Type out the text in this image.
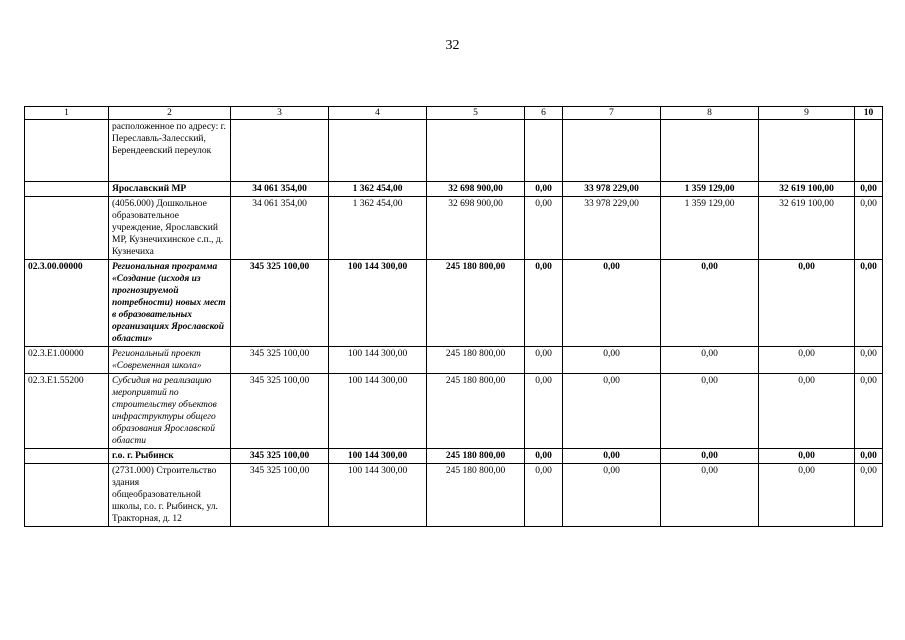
32
1	2	3	4	5	6	7	8	9	10
	расположенное по адресу: г. Переславль-Залесский, Берендеевский переулок								
	Ярославский МР	34 061 354,00	1 362 454,00	32 698 900,00	0,00	33 978 229,00	1 359 129,00	32 619 100,00	0,00
	(4056.000) Дошкольное образовательное учреждение, Ярославский МР, Кузнечихинское с.п., д. Кузнечиха	34 061 354,00	1 362 454,00	32 698 900,00	0,00	33 978 229,00	1 359 129,00	32 619 100,00	0,00
02.3.00.00000	Региональная программа «Создание (исходя из прогнозируемой потребности) новых мест в образовательных организациях Ярославской области»	345 325 100,00	100 144 300,00	245 180 800,00	0,00	0,00	0,00	0,00	0,00
02.3.E1.00000	Региональный проект «Современная школа»	345 325 100,00	100 144 300,00	245 180 800,00	0,00	0,00	0,00	0,00	0,00
02.3.E1.55200	Субсидия на реализацию мероприятий по строительству объектов инфраструктуры общего образования Ярославской области	345 325 100,00	100 144 300,00	245 180 800,00	0,00	0,00	0,00	0,00	0,00
	г.о. г. Рыбинск	345 325 100,00	100 144 300,00	245 180 800,00	0,00	0,00	0,00	0,00	0,00
	(2731.000) Строительство здания общеобразовательной школы, г.о. г. Рыбинск, ул. Тракторная, д. 12	345 325 100,00	100 144 300,00	245 180 800,00	0,00	0,00	0,00	0,00	0,00
